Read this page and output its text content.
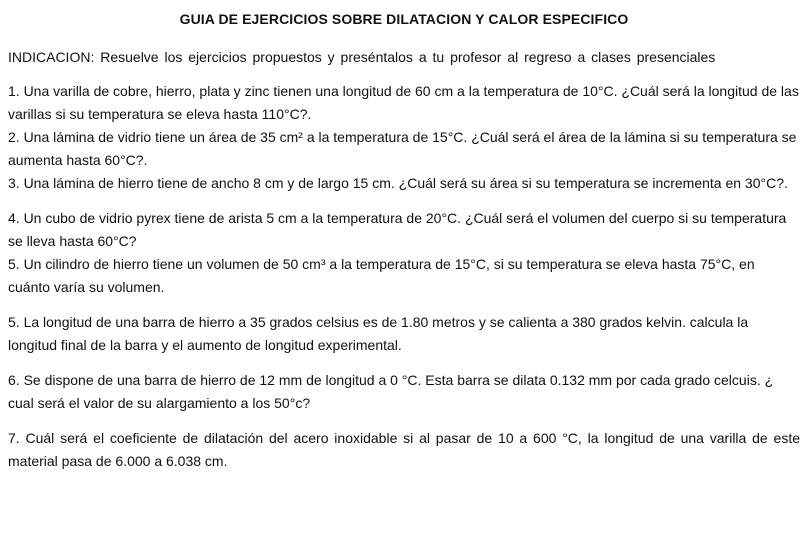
GUIA DE EJERCICIOS SOBRE DILATACION Y CALOR ESPECIFICO

INDICACION: Resuelve los ejercicios propuestos y preséntalos a tu profesor al regreso a clases presenciales

1. Una varilla de cobre, hierro, plata y zinc tienen una longitud de 60 cm a la temperatura de 10°C. ¿Cuál será la longitud de las varillas si su temperatura se eleva hasta 110°C?.

2. Una lámina de vidrio tiene un área de 35 cm² a la temperatura de 15°C. ¿Cuál será el área de la lámina si su temperatura se aumenta hasta 60°C?.

3. Una lámina de hierro tiene de ancho 8 cm y de largo 15 cm. ¿Cuál será su área si su temperatura se incrementa en 30°C?.

4. Un cubo de vidrio pyrex tiene de arista 5 cm a la temperatura de 20°C. ¿Cuál será el volumen del cuerpo si su temperatura se lleva hasta 60°C?

5. Un cilindro de hierro tiene un volumen de 50 cm³ a la temperatura de 15°C, si su temperatura se eleva hasta 75°C, en cuánto varía su volumen.

5. La longitud de una barra de hierro a 35 grados celsius es de 1.80 metros y se calienta a 380 grados kelvin. calcula la longitud final de la barra y el aumento de longitud experimental.

6. Se dispone de una barra de hierro de 12 mm de longitud a 0 °C. Esta barra se dilata 0.132 mm por cada grado celcuis. ¿ cual será el valor de su alargamiento a los 50°c?

7. Cuál será el coeficiente de dilatación del acero inoxidable si al pasar de 10 a 600 °C, la longitud de una varilla de este material pasa de 6.000 a 6.038 cm.
